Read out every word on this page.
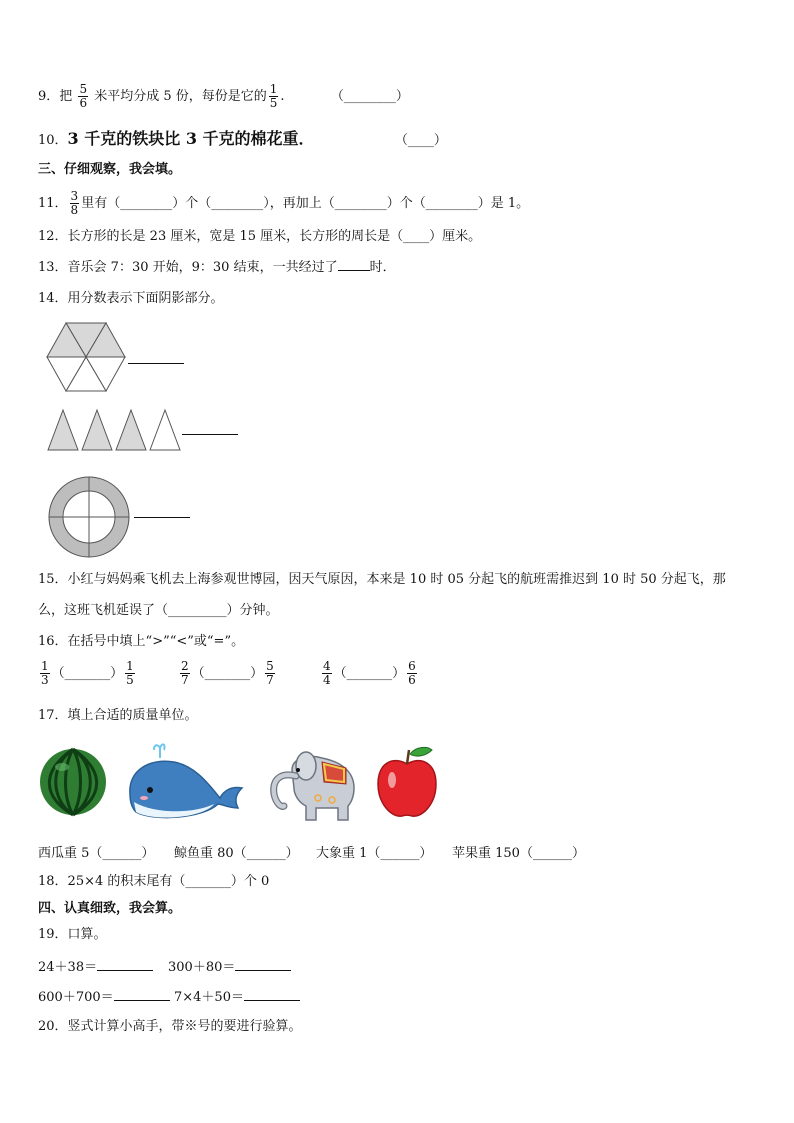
9．把 $\frac{5}{6}$ 米平均分成 5 份，每份是它的 $\frac{1}{5}$ .	（________）
10．3 千克的铁块比 3 千克的棉花重．	（____）
三、仔细观察，我会填。
11． $\frac{3}{8}$ 里有（________）个（________），再加上（________）个（________）是 1。
12．长方形的长是 23 厘米，宽是 15 厘米，长方形的周长是（____）厘米。
13．音乐会 7：30 开始，9：30 结束，一共经过了 时．
14．用分数表示下面阴影部分。
15．小红与妈妈乘飞机去上海参观世博园，因天气原因，本来是 10 时 05 分起飞的航班需推迟到 10 时 50 分起飞，那
么，这班飞机延误了（_________）分钟。
16．在括号中填上“>”“<”或“=”。
$\frac{1}{3}$ （_______） $\frac{1}{5}$	$\frac{2}{7}$ （_______） $\frac{5}{7}$	$\frac{4}{4}$ （_______） $\frac{6}{6}$
17．填上合适的质量单位。
西瓜重 5（______） 鲸鱼重 80（______） 大象重 1（______） 苹果重 150（______）
18．25×4 的积末尾有（_______）个 0
四、认真细致，我会算。
19．口算。
24＋38＝	300＋80＝
600＋700＝	7×4＋50＝
20．竖式计算小高手，带※号的要进行验算。
